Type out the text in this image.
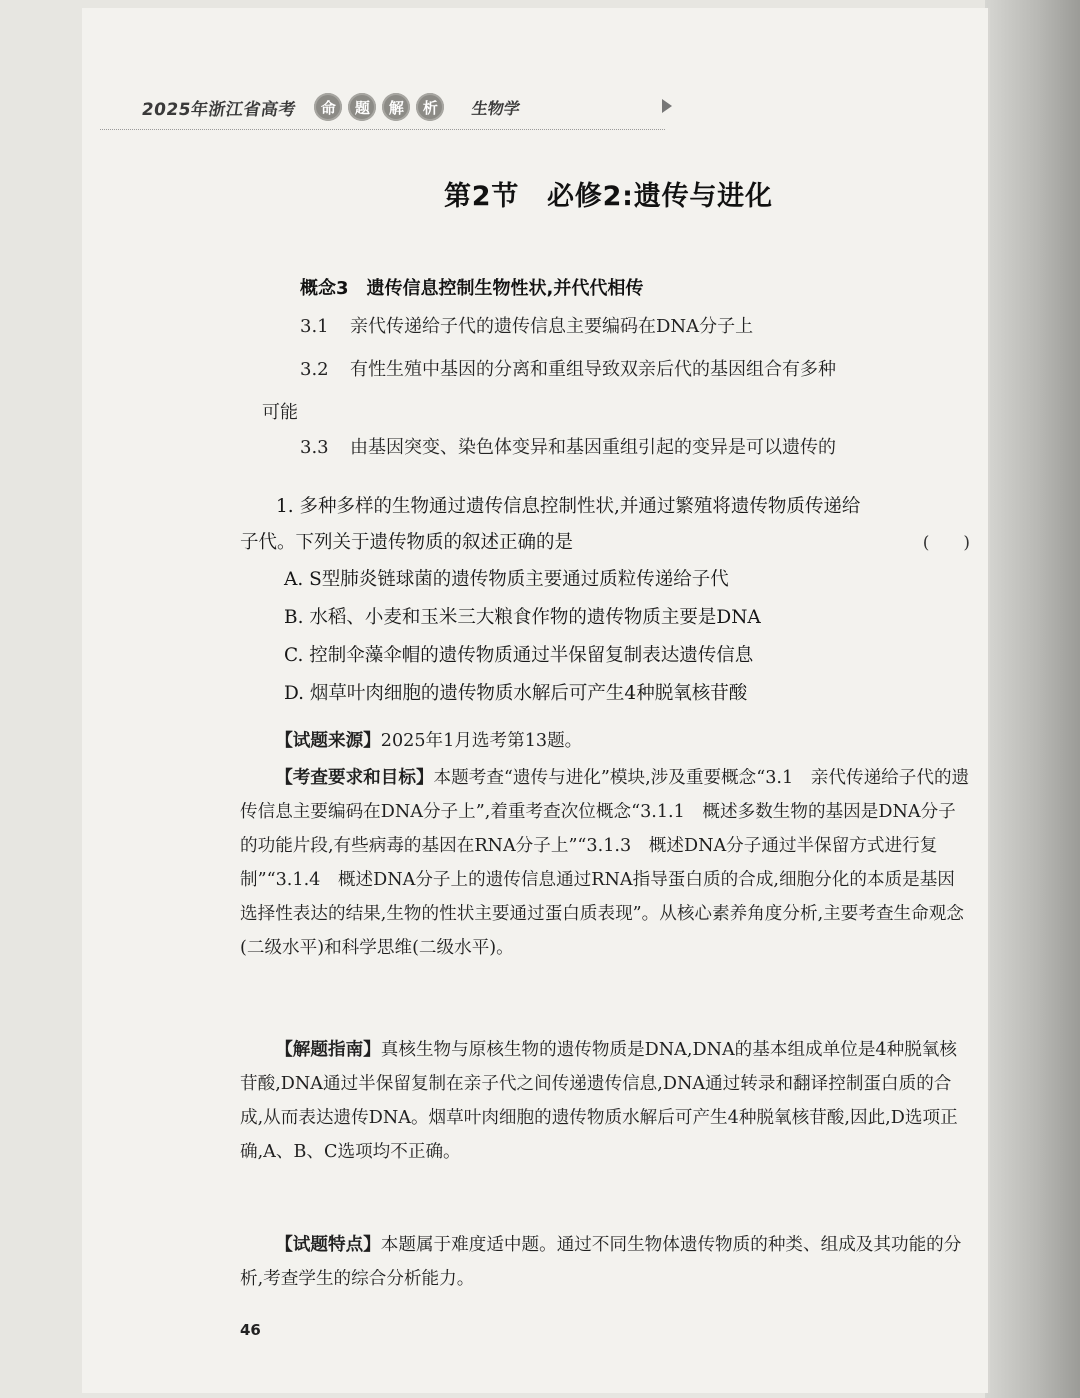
2025年浙江省高考	命	题	解	析	生物学
第2节　必修2:遗传与进化
概念3　遗传信息控制生物性状,并代代相传
3.1 亲代传递给子代的遗传信息主要编码在DNA分子上
3.2 有性生殖中基因的分离和重组导致双亲后代的基因组合有多种
可能
3.3 由基因突变、染色体变异和基因重组引起的变异是可以遗传的

1. 多种多样的生物通过遗传信息控制性状,并通过繁殖将遗传物质传递给

子代。下列关于遗传物质的叙述正确的是	(　　)

A. S型肺炎链球菌的遗传物质主要通过质粒传递给子代

B. 水稻、小麦和玉米三大粮食作物的遗传物质主要是DNA

C. 控制伞藻伞帽的遗传物质通过半保留复制表达遗传信息

D. 烟草叶肉细胞的遗传物质水解后可产生4种脱氧核苷酸

【试题来源】2025年1月选考第13题。

【考查要求和目标】本题考查“遗传与进化”模块,涉及重要概念“3.1　亲代传递给子代的遗传信息主要编码在DNA分子上”,着重考查次位概念“3.1.1　概述多数生物的基因是DNA分子的功能片段,有些病毒的基因在RNA分子上”“3.1.3　概述DNA分子通过半保留方式进行复制”“3.1.4　概述DNA分子上的遗传信息通过RNA指导蛋白质的合成,细胞分化的本质是基因选择性表达的结果,生物的性状主要通过蛋白质表现”。从核心素养角度分析,主要考查生命观念(二级水平)和科学思维(二级水平)。

【解题指南】真核生物与原核生物的遗传物质是DNA,DNA的基本组成单位是4种脱氧核苷酸,DNA通过半保留复制在亲子代之间传递遗传信息,DNA通过转录和翻译控制蛋白质的合成,从而表达遗传DNA。烟草叶肉细胞的遗传物质水解后可产生4种脱氧核苷酸,因此,D选项正确,A、B、C选项均不正确。

【试题特点】本题属于难度适中题。通过不同生物体遗传物质的种类、组成及其功能的分析,考查学生的综合分析能力。

46
